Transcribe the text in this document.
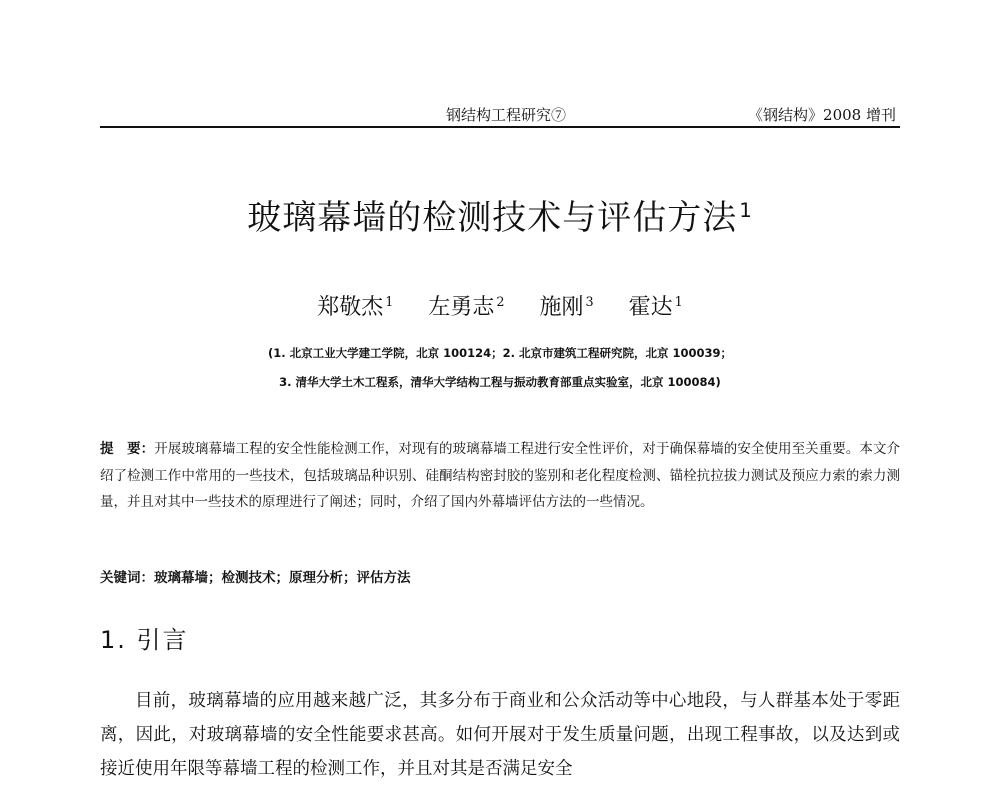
钢结构工程研究⑦	《钢结构》2008 增刊
玻璃幕墙的检测技术与评估方法 $^1$
郑敬杰 $^1$ 左勇志 $^2$ 施刚 $^3$ 霍达 $^1$
(1. 北京工业大学建工学院，北京 100124；2. 北京市建筑工程研究院，北京 100039；
3. 清华大学土木工程系，清华大学结构工程与振动教育部重点实验室，北京 100084)
提　要：开展玻璃幕墙工程的安全性能检测工作，对现有的玻璃幕墙工程进行安全性评价，对于确保幕墙的安全使用至关重要。本文介绍了检测工作中常用的一些技术，包括玻璃品种识别、硅酮结构密封胶的鉴别和老化程度检测、锚栓抗拉拔力测试及预应力索的索力测量，并且对其中一些技术的原理进行了阐述；同时，介绍了国内外幕墙评估方法的一些情况。
关键词：玻璃幕墙；检测技术；原理分析；评估方法
1. 引言
目前，玻璃幕墙的应用越来越广泛，其多分布于商业和公众活动等中心地段，与人群基本处于零距离，因此，对玻璃幕墙的安全性能要求甚高。如何开展对于发生质量问题，出现工程事故，以及达到或接近使用年限等幕墙工程的检测工作，并且对其是否满足安全
